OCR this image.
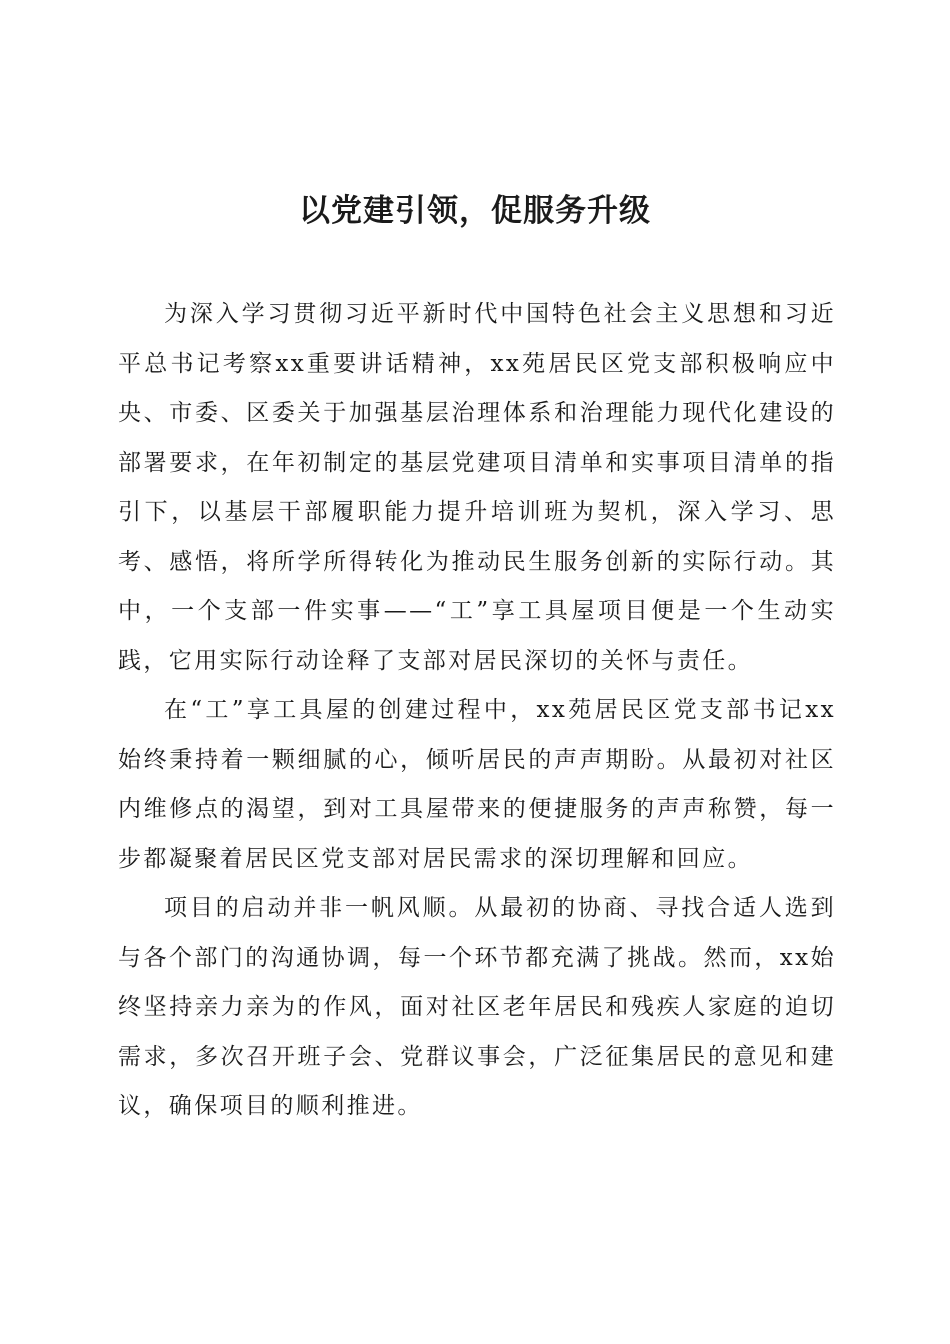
以党建引领，促服务升级

为深入学习贯彻习近平新时代中国特色社会主义思想和习近平总书记考察xx重要讲话精神，xx苑居民区党支部积极响应中央、市委、区委关于加强基层治理体系和治理能力现代化建设的部署要求，在年初制定的基层党建项目清单和实事项目清单的指引下，以基层干部履职能力提升培训班为契机，深入学习、思考、感悟，将所学所得转化为推动民生服务创新的实际行动。其中，一个支部一件实事——“工”享工具屋项目便是一个生动实践，它用实际行动诠释了支部对居民深切的关怀与责任。

在“工”享工具屋的创建过程中，xx苑居民区党支部书记xx始终秉持着一颗细腻的心，倾听居民的声声期盼。从最初对社区内维修点的渴望，到对工具屋带来的便捷服务的声声称赞，每一步都凝聚着居民区党支部对居民需求的深切理解和回应。

项目的启动并非一帆风顺。从最初的协商、寻找合适人选到与各个部门的沟通协调，每一个环节都充满了挑战。然而，xx始终坚持亲力亲为的作风，面对社区老年居民和残疾人家庭的迫切需求，多次召开班子会、党群议事会，广泛征集居民的意见和建议，确保项目的顺利推进。
